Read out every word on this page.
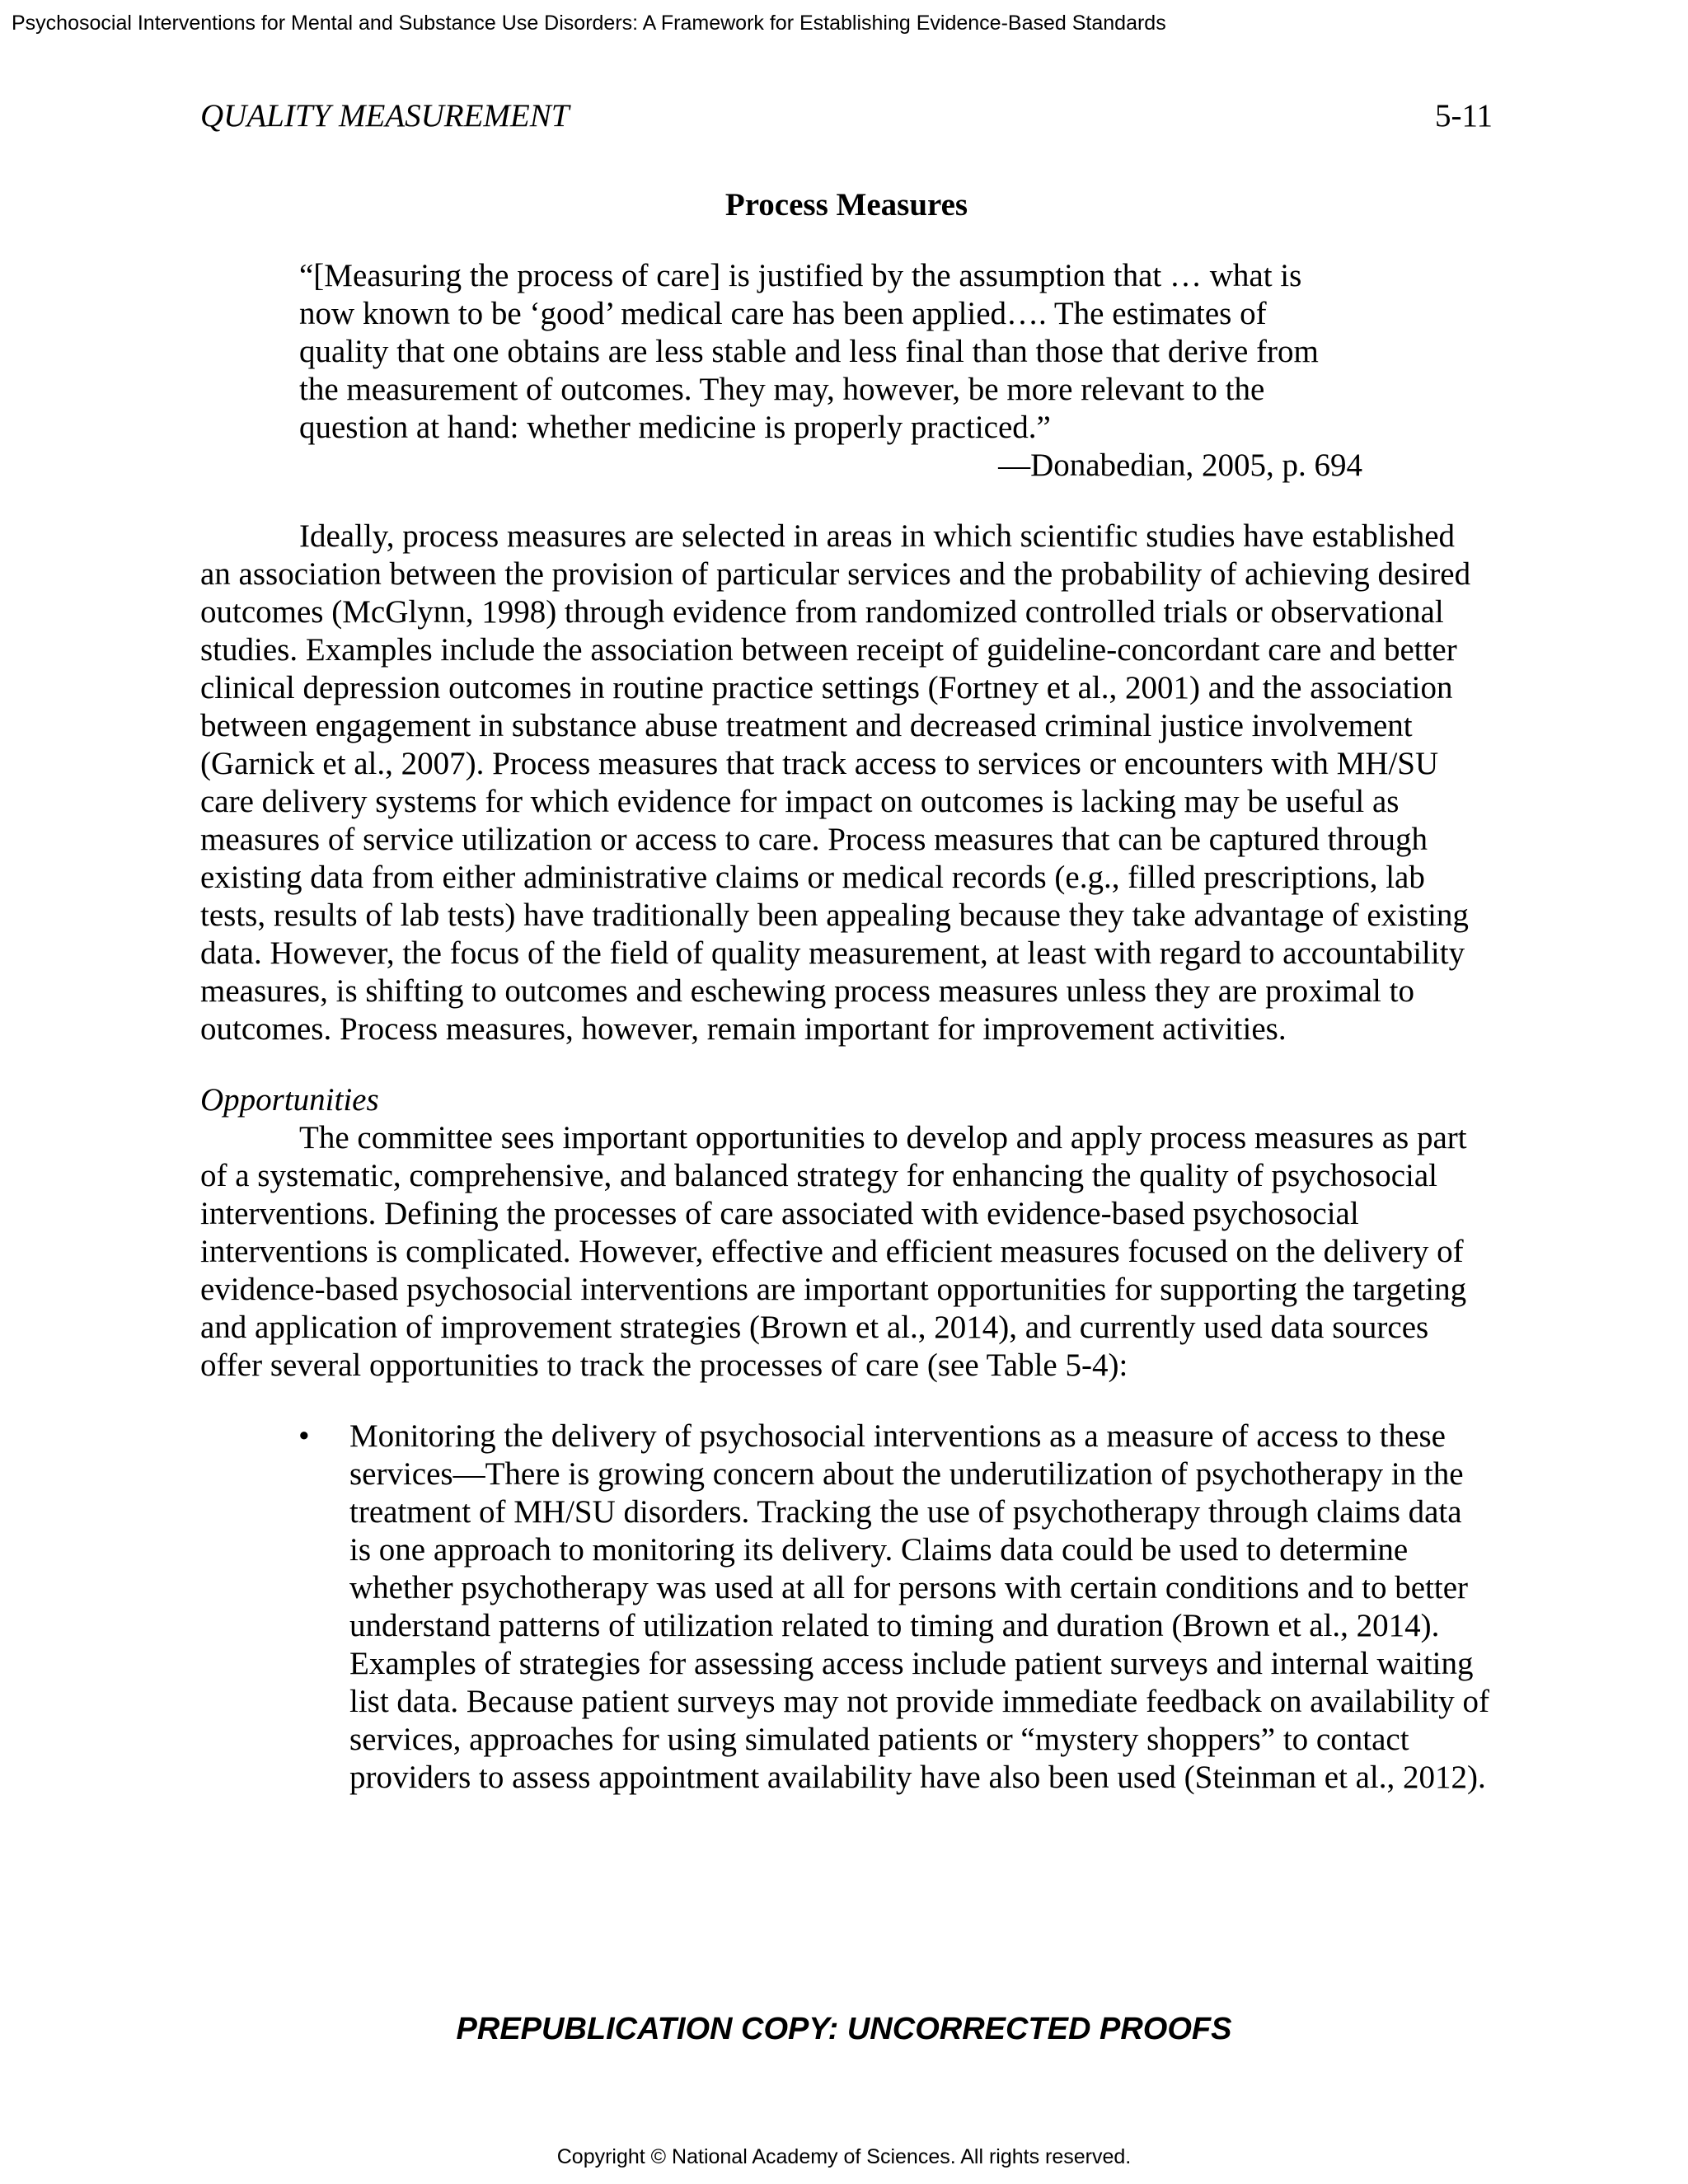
Psychosocial Interventions for Mental and Substance Use Disorders: A Framework for Establishing Evidence-Based Standards
QUALITY MEASUREMENT	5-11
Process Measures

“[Measuring the process of care] is justified by the assumption that … what is now known to be ‘good’ medical care has been applied…. The estimates of quality that one obtains are less stable and less final than those that derive from the measurement of outcomes. They may, however, be more relevant to the question at hand: whether medicine is properly practiced.”

—Donabedian, 2005, p. 694

Ideally, process measures are selected in areas in which scientific studies have established an association between the provision of particular services and the probability of achieving desired outcomes (McGlynn, 1998) through evidence from randomized controlled trials or observational studies. Examples include the association between receipt of guideline-concordant care and better clinical depression outcomes in routine practice settings (Fortney et al., 2001) and the association between engagement in substance abuse treatment and decreased criminal justice involvement (Garnick et al., 2007). Process measures that track access to services or encounters with MH/SU care delivery systems for which evidence for impact on outcomes is lacking may be useful as measures of service utilization or access to care. Process measures that can be captured through existing data from either administrative claims or medical records (e.g., filled prescriptions, lab tests, results of lab tests) have traditionally been appealing because they take advantage of existing data. However, the focus of the field of quality measurement, at least with regard to accountability measures, is shifting to outcomes and eschewing process measures unless they are proximal to outcomes. Process measures, however, remain important for improvement activities.

Opportunities

The committee sees important opportunities to develop and apply process measures as part of a systematic, comprehensive, and balanced strategy for enhancing the quality of psychosocial interventions. Defining the processes of care associated with evidence-based psychosocial interventions is complicated. However, effective and efficient measures focused on the delivery of evidence-based psychosocial interventions are important opportunities for supporting the targeting and application of improvement strategies (Brown et al., 2014), and currently used data sources offer several opportunities to track the processes of care (see Table 5-4):

• Monitoring the delivery of psychosocial interventions as a measure of access to these services—There is growing concern about the underutilization of psychotherapy in the treatment of MH/SU disorders. Tracking the use of psychotherapy through claims data is one approach to monitoring its delivery. Claims data could be used to determine whether psychotherapy was used at all for persons with certain conditions and to better understand patterns of utilization related to timing and duration (Brown et al., 2014). Examples of strategies for assessing access include patient surveys and internal waiting list data. Because patient surveys may not provide immediate feedback on availability of services, approaches for using simulated patients or “mystery shoppers” to contact providers to assess appointment availability have also been used (Steinman et al., 2012).
PREPUBLICATION COPY: UNCORRECTED PROOFS
Copyright © National Academy of Sciences. All rights reserved.
